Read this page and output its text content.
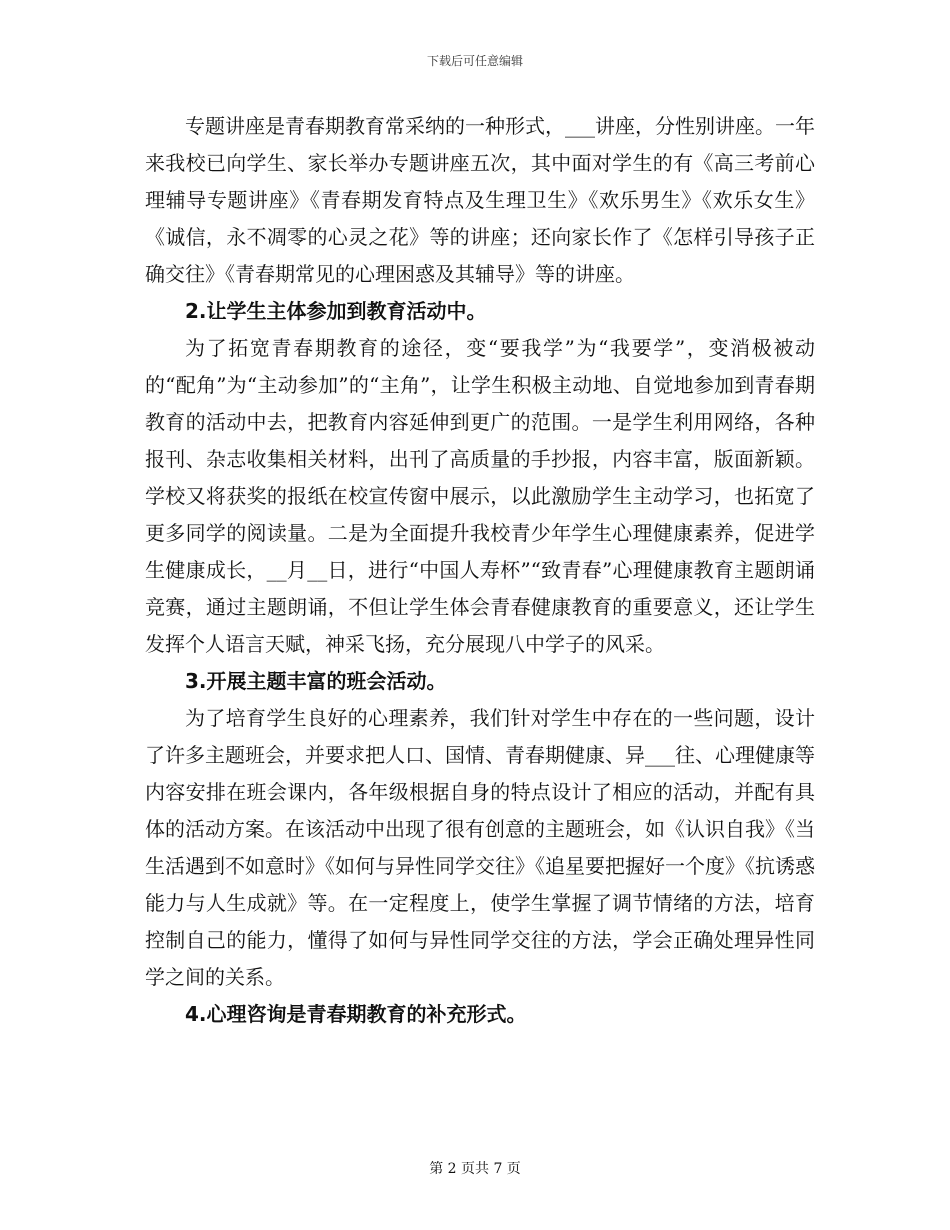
下载后可任意编辑

专题讲座是青春期教育常采纳的一种形式，___讲座，分性别讲座。一年来我校已向学生、家长举办专题讲座五次，其中面对学生的有《高三考前心理辅导专题讲座》《青春期发育特点及生理卫生》《欢乐男生》《欢乐女生》《诚信，永不凋零的心灵之花》等的讲座；还向家长作了《怎样引导孩子正确交往》《青春期常见的心理困惑及其辅导》等的讲座。

2.让学生主体参加到教育活动中。

为了拓宽青春期教育的途径，变“要我学”为“我要学”，变消极被动的“配角”为“主动参加”的“主角”，让学生积极主动地、自觉地参加到青春期教育的活动中去，把教育内容延伸到更广的范围。一是学生利用网络，各种报刊、杂志收集相关材料，出刊了高质量的手抄报，内容丰富，版面新颖。学校又将获奖的报纸在校宣传窗中展示，以此激励学生主动学习，也拓宽了更多同学的阅读量。二是为全面提升我校青少年学生心理健康素养，促进学生健康成长，__月__日，进行“中国人寿杯”“致青春”心理健康教育主题朗诵竞赛，通过主题朗诵，不但让学生体会青春健康教育的重要意义，还让学生发挥个人语言天赋，神采飞扬，充分展现八中学子的风采。

3.开展主题丰富的班会活动。

为了培育学生良好的心理素养，我们针对学生中存在的一些问题，设计了许多主题班会，并要求把人口、国情、青春期健康、异___往、心理健康等内容安排在班会课内，各年级根据自身的特点设计了相应的活动，并配有具体的活动方案。在该活动中出现了很有创意的主题班会，如《认识自我》《当生活遇到不如意时》《如何与异性同学交往》《追星要把握好一个度》《抗诱惑能力与人生成就》等。在一定程度上，使学生掌握了调节情绪的方法，培育控制自己的能力，懂得了如何与异性同学交往的方法，学会正确处理异性同学之间的关系。

4.心理咨询是青春期教育的补充形式。

第 2 页共 7 页
